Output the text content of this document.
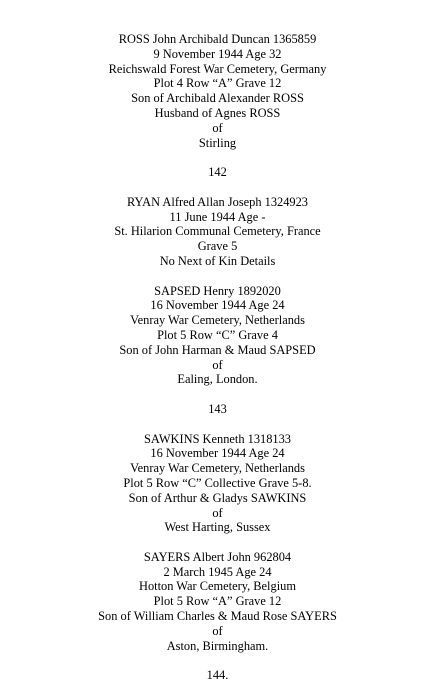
ROSS John Archibald Duncan 1365859
9 November 1944 Age 32
Reichswald Forest War Cemetery, Germany
Plot 4 Row “A” Grave 12
Son of Archibald Alexander ROSS
Husband of Agnes ROSS
of
Stirling
142
RYAN Alfred Allan Joseph 1324923
11 June 1944 Age -
St. Hilarion Communal Cemetery, France
Grave 5
No Next of Kin Details
SAPSED Henry 1892020
16 November 1944 Age 24
Venray War Cemetery, Netherlands
Plot 5 Row “C” Grave 4
Son of John Harman & Maud SAPSED
of
Ealing, London.
143
SAWKINS Kenneth 1318133
16 November 1944 Age 24
Venray War Cemetery, Netherlands
Plot 5 Row “C” Collective Grave 5-8.
Son of Arthur & Gladys SAWKINS
of
West Harting, Sussex
SAYERS Albert John 962804
2 March 1945 Age 24
Hotton War Cemetery, Belgium
Plot 5 Row “A” Grave 12
Son of William Charles & Maud Rose SAYERS
of
Aston, Birmingham.
144.
